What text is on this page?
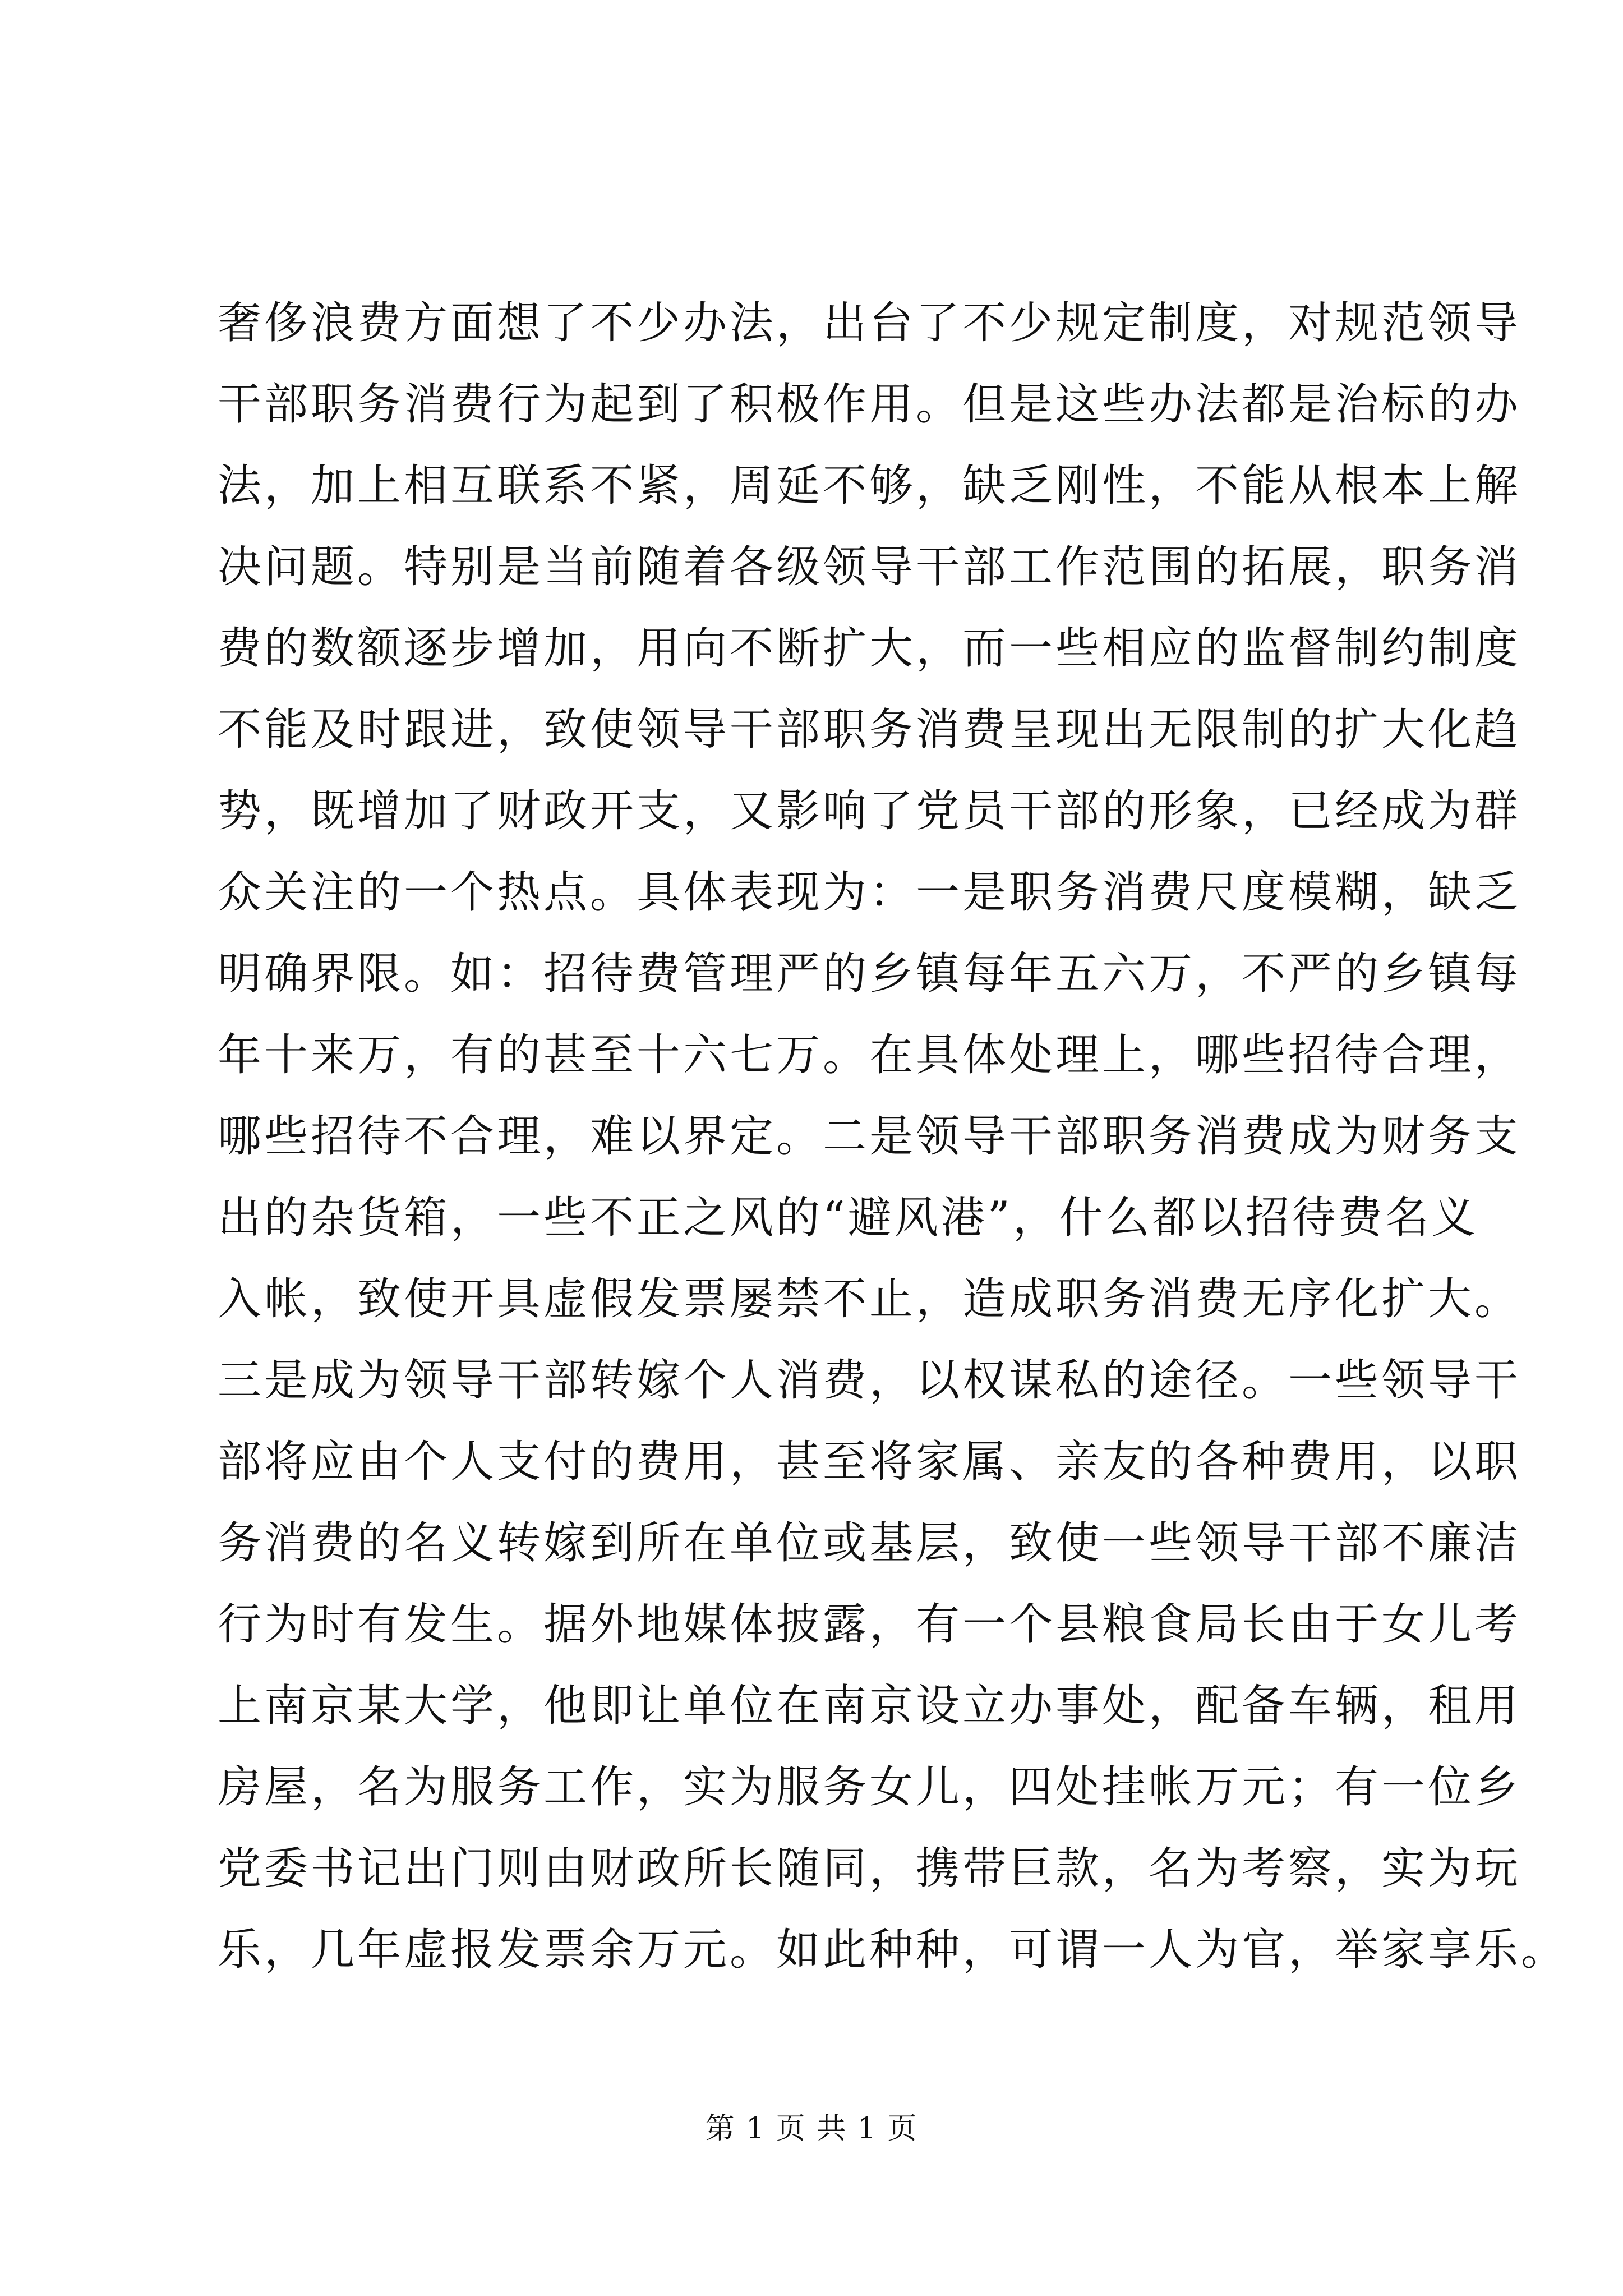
奢侈浪费方面想了不少办法，出台了不少规定制度，对规范领导
干部职务消费行为起到了积极作用。但是这些办法都是治标的办
法，加上相互联系不紧，周延不够，缺乏刚性，不能从根本上解
决问题。特别是当前随着各级领导干部工作范围的拓展，职务消
费的数额逐步增加，用向不断扩大，而一些相应的监督制约制度
不能及时跟进，致使领导干部职务消费呈现出无限制的扩大化趋
势，既增加了财政开支，又影响了党员干部的形象，已经成为群
众关注的一个热点。具体表现为：一是职务消费尺度模糊，缺乏
明确界限。如：招待费管理严的乡镇每年五六万，不严的乡镇每
年十来万，有的甚至十六七万。在具体处理上，哪些招待合理，
哪些招待不合理，难以界定。二是领导干部职务消费成为财务支
出的杂货箱，一些不正之风的“避风港”，什么都以招待费名义
入帐，致使开具虚假发票屡禁不止，造成职务消费无序化扩大。
三是成为领导干部转嫁个人消费，以权谋私的途径。一些领导干
部将应由个人支付的费用，甚至将家属、亲友的各种费用，以职
务消费的名义转嫁到所在单位或基层，致使一些领导干部不廉洁
行为时有发生。据外地媒体披露，有一个县粮食局长由于女儿考
上南京某大学，他即让单位在南京设立办事处，配备车辆，租用
房屋，名为服务工作，实为服务女儿，四处挂帐万元；有一位乡
党委书记出门则由财政所长随同，携带巨款，名为考察，实为玩
乐，几年虚报发票余万元。如此种种，可谓一人为官，举家享乐。
第 1 页 共 1 页
